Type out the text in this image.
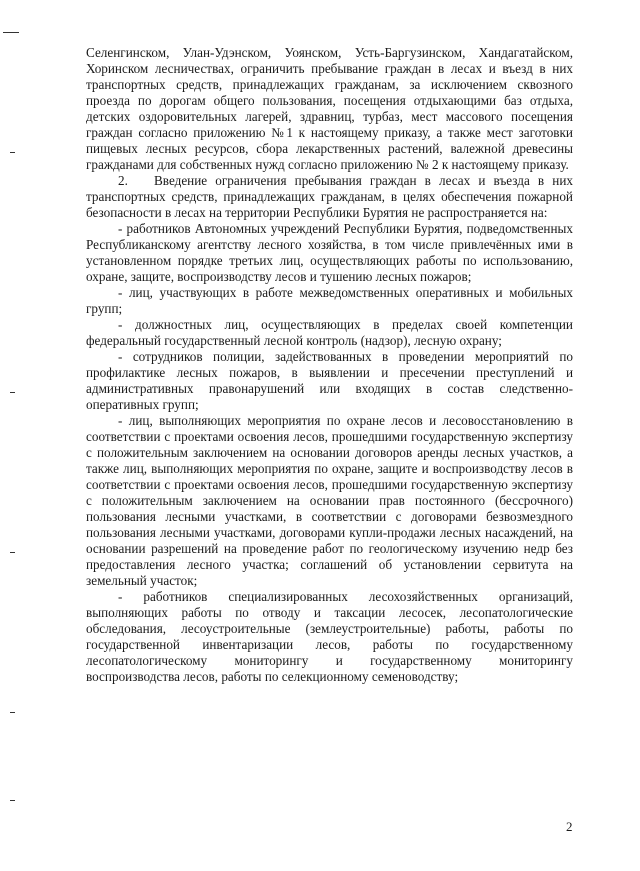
Селенгинском, Улан-Удэнском, Уоянском, Усть-Баргузинском, Хандагатайском, Хоринском лесничествах, ограничить пребывание граждан в лесах и въезд в них транспортных средств, принадлежащих гражданам, за исключением сквозного проезда по дорогам общего пользования, посещения отдыхающими баз отдыха, детских оздоровительных лагерей, здравниц, турбаз, мест массового посещения граждан согласно приложению №1 к настоящему приказу, а также мест заготовки пищевых лесных ресурсов, сбора лекарственных растений, валежной древесины гражданами для собственных нужд согласно приложению № 2 к настоящему приказу.

2. Введение ограничения пребывания граждан в лесах и въезда в них транспортных средств, принадлежащих гражданам, в целях обеспечения пожарной безопасности в лесах на территории Республики Бурятия не распространяется на:

- работников Автономных учреждений Республики Бурятия, подведомственных Республиканскому агентству лесного хозяйства, в том числе привлечённых ими в установленном порядке третьих лиц, осуществляющих работы по использованию, охране, защите, воспроизводству лесов и тушению лесных пожаров;

- лиц, участвующих в работе межведомственных оперативных и мобильных групп;

- должностных лиц, осуществляющих в пределах своей компетенции федеральный государственный лесной контроль (надзор), лесную охрану;

- сотрудников полиции, задействованных в проведении мероприятий по профилактике лесных пожаров, в выявлении и пресечении преступлений и административных правонарушений или входящих в состав следственно-оперативных групп;

- лиц, выполняющих мероприятия по охране лесов и лесовосстановлению в соответствии с проектами освоения лесов, прошедшими государственную экспертизу с положительным заключением на основании договоров аренды лесных участков, а также лиц, выполняющих мероприятия по охране, защите и воспроизводству лесов в соответствии с проектами освоения лесов, прошедшими государственную экспертизу с положительным заключением на основании прав постоянного (бессрочного) пользования лесными участками, в соответствии с договорами безвозмездного пользования лесными участками, договорами купли-продажи лесных насаждений, на основании разрешений на проведение работ по геологическому изучению недр без предоставления лесного участка; соглашений об установлении сервитута на земельный участок;

- работников специализированных лесохозяйственных организаций, выполняющих работы по отводу и таксации лесосек, лесопатологические обследования, лесоустроительные (землеустроительные) работы, работы по государственной инвентаризации лесов, работы по государственному лесопатологическому мониторингу и государственному мониторингу воспроизводства лесов, работы по селекционному семеноводству;

2
